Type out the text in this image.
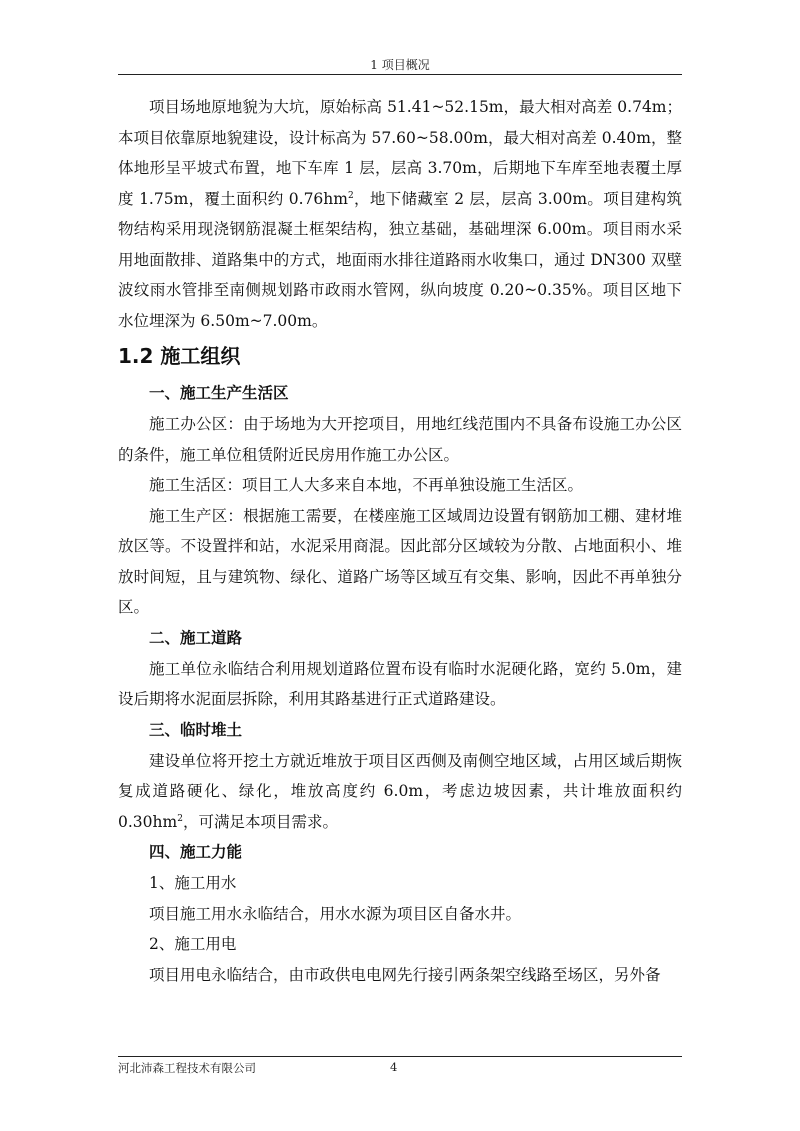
1 项目概况

项目场地原地貌为大坑，原始标高 51.41~52.15m，最大相对高差 0.74m；本项目依靠原地貌建设，设计标高为 57.60~58.00m，最大相对高差 0.40m，整体地形呈平坡式布置，地下车库 1 层，层高 3.70m，后期地下车库至地表覆土厚度 1.75m，覆土面积约 $0.76hm^2$，地下储藏室 2 层，层高 3.00m。项目建构筑物结构采用现浇钢筋混凝土框架结构，独立基础，基础埋深 6.00m。项目雨水采用地面散排、道路集中的方式，地面雨水排往道路雨水收集口，通过 DN300 双壁波纹雨水管排至南侧规划路市政雨水管网，纵向坡度 0.20~0.35%。项目区地下水位埋深为 6.50m~7.00m。

1.2 施工组织
一、施工生产生活区

施工办公区：由于场地为大开挖项目，用地红线范围内不具备布设施工办公区的条件，施工单位租赁附近民房用作施工办公区。

施工生活区：项目工人大多来自本地，不再单独设施工生活区。

施工生产区：根据施工需要，在楼座施工区域周边设置有钢筋加工棚、建材堆放区等。不设置拌和站，水泥采用商混。因此部分区域较为分散、占地面积小、堆放时间短，且与建筑物、绿化、道路广场等区域互有交集、影响，因此不再单独分区。

二、施工道路

施工单位永临结合利用规划道路位置布设有临时水泥硬化路，宽约 5.0m，建设后期将水泥面层拆除，利用其路基进行正式道路建设。

三、临时堆土

建设单位将开挖土方就近堆放于项目区西侧及南侧空地区域，占用区域后期恢复成道路硬化、绿化，堆放高度约 6.0m，考虑边坡因素，共计堆放面积约 $0.30hm^2$，可满足本项目需求。

四、施工力能

1、施工用水

项目施工用水永临结合，用水水源为项目区自备水井。

2、施工用电

项目用电永临结合，由市政供电电网先行接引两条架空线路至场区，另外备

河北沛森工程技术有限公司	4
